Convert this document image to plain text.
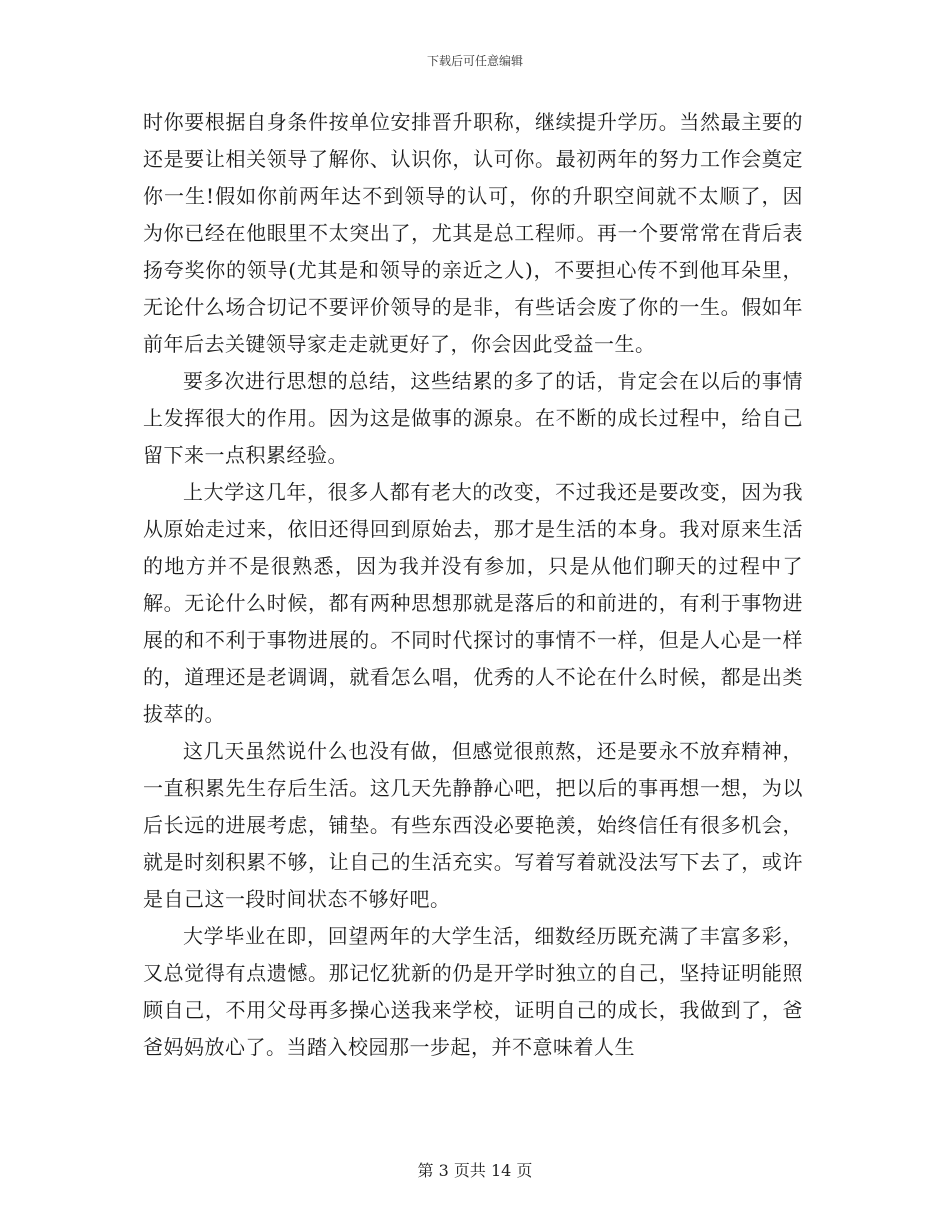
下载后可任意编辑

时你要根据自身条件按单位安排晋升职称，继续提升学历。当然最主要的还是要让相关领导了解你、认识你，认可你。最初两年的努力工作会奠定你一生!假如你前两年达不到领导的认可，你的升职空间就不太顺了，因为你已经在他眼里不太突出了，尤其是总工程师。再一个要常常在背后表扬夸奖你的领导(尤其是和领导的亲近之人)，不要担心传不到他耳朵里，无论什么场合切记不要评价领导的是非，有些话会废了你的一生。假如年前年后去关键领导家走走就更好了，你会因此受益一生。

要多次进行思想的总结，这些结累的多了的话，肯定会在以后的事情上发挥很大的作用。因为这是做事的源泉。在不断的成长过程中，给自己留下来一点积累经验。

上大学这几年，很多人都有老大的改变，不过我还是要改变，因为我从原始走过来，依旧还得回到原始去，那才是生活的本身。我对原来生活的地方并不是很熟悉，因为我并没有参加，只是从他们聊天的过程中了解。无论什么时候，都有两种思想那就是落后的和前进的，有利于事物进展的和不利于事物进展的。不同时代探讨的事情不一样，但是人心是一样的，道理还是老调调，就看怎么唱，优秀的人不论在什么时候，都是出类拔萃的。

这几天虽然说什么也没有做，但感觉很煎熬，还是要永不放弃精神，一直积累先生存后生活。这几天先静静心吧，把以后的事再想一想，为以后长远的进展考虑，铺垫。有些东西没必要艳羡，始终信任有很多机会，就是时刻积累不够，让自己的生活充实。写着写着就没法写下去了，或许是自己这一段时间状态不够好吧。

大学毕业在即，回望两年的大学生活，细数经历既充满了丰富多彩，又总觉得有点遗憾。那记忆犹新的仍是开学时独立的自己，坚持证明能照顾自己，不用父母再多操心送我来学校，证明自己的成长，我做到了，爸爸妈妈放心了。当踏入校园那一步起，并不意味着人生

第 3 页共 14 页
